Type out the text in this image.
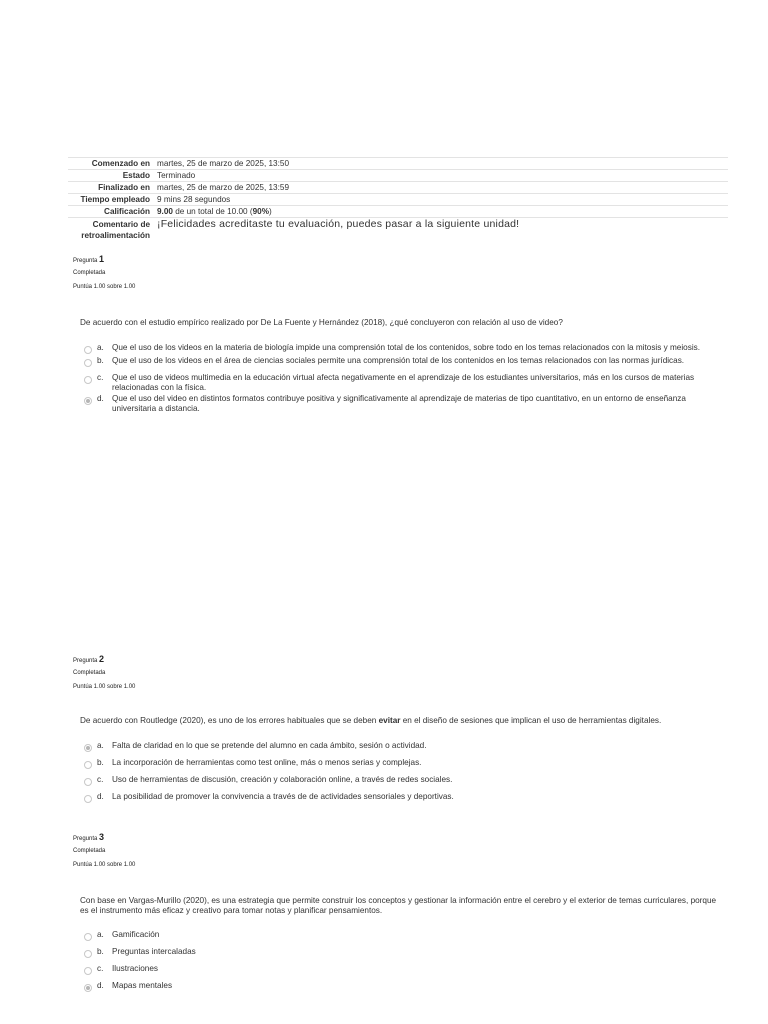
Comenzado en	martes, 25 de marzo de 2025, 13:50
Estado	Terminado
Finalizado en	martes, 25 de marzo de 2025, 13:59
Tiempo empleado	9 mins 28 segundos
Calificación	9.00 de un total de 10.00 (90%)
Comentario de
retroalimentación	¡Felicidades acreditaste tu evaluación, puedes pasar a la siguiente unidad!
Pregunta 1
Completada
Puntúa 1.00 sobre 1.00
De acuerdo con el estudio empírico realizado por De La Fuente y Hernández (2018), ¿qué concluyeron con relación al uso de video?
a. Que el uso de los videos en la materia de biología impide una comprensión total de los contenidos, sobre todo en los temas relacionados con la mitosis y meiosis.
b. Que el uso de los videos en el área de ciencias sociales permite una comprensión total de los contenidos en los temas relacionados con las normas jurídicas.
c.	Que el uso de videos multimedia en la educación virtual afecta negativamente en el aprendizaje de los estudiantes universitarios, más en los cursos de materias relacionadas con la física.
d. Que el uso del video en distintos formatos contribuye positiva y significativamente al aprendizaje de materias de tipo cuantitativo, en un entorno de enseñanza universitaria a distancia.
Pregunta 2
Completada
Puntúa 1.00 sobre 1.00
De acuerdo con Routledge (2020), es uno de los errores habituales que se deben evitar en el diseño de sesiones que implican el uso de herramientas digitales.
a. Falta de claridad en lo que se pretende del alumno en cada ámbito, sesión o actividad.
b. La incorporación de herramientas como test online, más o menos serias y complejas.
c.	Uso de herramientas de discusión, creación y colaboración online, a través de redes sociales.
d. La posibilidad de promover la convivencia a través de de actividades sensoriales y deportivas.
Pregunta 3
Completada
Puntúa 1.00 sobre 1.00
Con base en Vargas-Murillo (2020), es una estrategia que permite construir los conceptos y gestionar la información entre el cerebro y el exterior de temas curriculares, porque es el instrumento más eficaz y creativo para tomar notas y planificar pensamientos.
a. Gamificación
b. Preguntas intercaladas
c.	Ilustraciones
d. Mapas mentales
